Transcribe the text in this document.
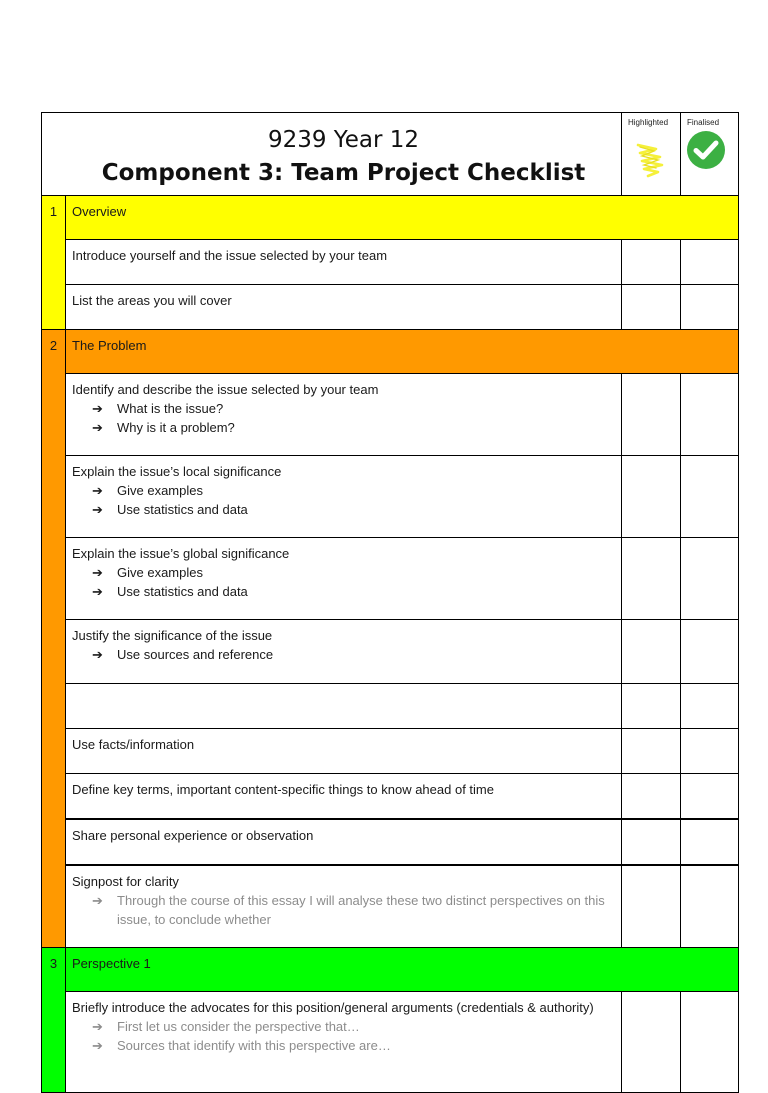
9239 Year 12
Component 3: Team Project Checklist		Highlighted	Finalised

1	Overview		
	Introduce yourself and the issue selected by your team		
	List the areas you will cover		
2	The Problem		

	Identify and describe the issue selected by your team
➔ What is the issue?
➔ Why is it a problem?		

	Explain the issue’s local significance
➔ Give examples
➔ Use statistics and data		

	Explain the issue’s global significance
➔ Give examples
➔ Use statistics and data		

	Justify the significance of the issue
➔ Use sources and reference		

	Use facts/information		
	Define key terms, important content-specific things to know ahead of time		
	Share personal experience or observation		

	Signpost for clarity
➔ Through the course of this essay I will analyse these two distinct perspectives on this issue, to conclude whether		

3	Perspective 1		

	Briefly introduce the advocates for this position/general arguments (credentials & authority)
➔ First let us consider the perspective that…
➔ Sources that identify with this perspective are…		
